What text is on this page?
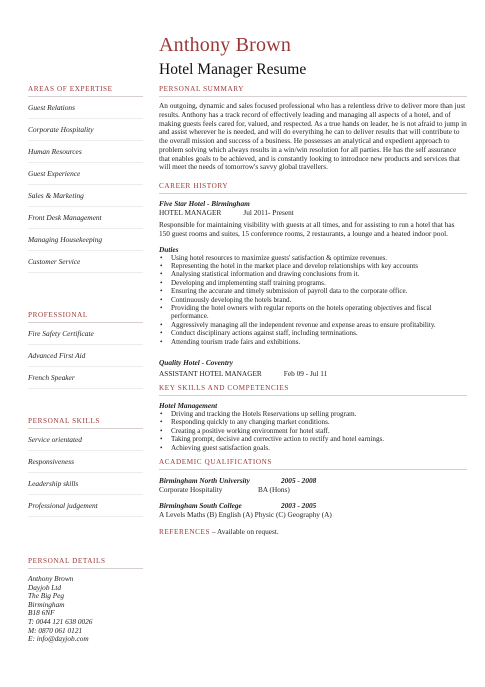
Anthony Brown
Hotel Manager Resume
AREAS OF EXPERTISE
Guest Relations
Corporate Hospitality
Human Resources
Guest Experience
Sales & Marketing
Front Desk Management
Managing Housekeeping
Customer Service
PROFESSIONAL
Fire Safety Certificate
Advanced First Aid
French Speaker
PERSONAL SKILLS
Service orientated
Responsiveness
Leadership skills
Professional judgement
PERSONAL DETAILS
Anthony Brown
Dayjob Ltd
The Big Peg
Birmingham
B18 6NF
T: 0044 121 638 0026
M: 0870 061 0121
E: info@dayjob.com
PERSONAL SUMMARY

An outgoing, dynamic and sales focused professional who has a relentless drive to deliver more than just results. Anthony has a track record of effectively leading and managing all aspects of a hotel, and of making guests feels cared for, valued, and respected. As a true hands on leader, he is not afraid to jump in and assist wherever he is needed, and will do everything he can to deliver results that will contribute to the overall mission and success of a business. He possesses an analytical and expedient approach to problem solving which always results in a win/win resolution for all parties. He has the self assurance that enables goals to be achieved, and is constantly looking to introduce new products and services that will meet the needs of tomorrow's savvy global travellers.

CAREER HISTORY
Five Star Hotel - Birmingham
HOTEL MANAGER	Jul 2011- Present

Responsible for maintaining visibility with guests at all times, and for assisting to run a hotel that has 150 guest rooms and suites, 15 conference rooms, 2 restaurants, a lounge and a heated indoor pool.

Duties
• Using hotel resources to maximize guests' satisfaction & optimize revenues.
• Representing the hotel in the market place and develop relationships with key accounts
• Analysing statistical information and drawing conclusions from it.
• Developing and implementing staff training programs.
• Ensuring the accurate and timely submission of payroll data to the corporate office.
• Continuously developing the hotels brand.
• Providing the hotel owners with regular reports on the hotels operating objectives and fiscal performance.
• Aggressively managing all the independent revenue and expense areas to ensure profitability.
• Conduct disciplinary actions against staff, including terminations.
• Attending tourism trade fairs and exhibitions.
Quality Hotel - Coventry
ASSISTANT HOTEL MANAGER	Feb 09 - Jul 11
KEY SKILLS AND COMPETENCIES
Hotel Management
• Driving and tracking the Hotels Reservations up selling program.
• Responding quickly to any changing market conditions.
• Creating a positive working environment for hotel staff.
• Taking prompt, decisive and corrective action to rectify and hotel earnings.
• Achieving guest satisfaction goals.
ACADEMIC QUALIFICATIONS
Birmingham North University	2005 - 2008
Corporate Hospitality	BA (Hons)
Birmingham South College	2003 - 2005
A Levels Maths (B) English (A) Physic (C) Geography (A)
REFERENCES – Available on request.
